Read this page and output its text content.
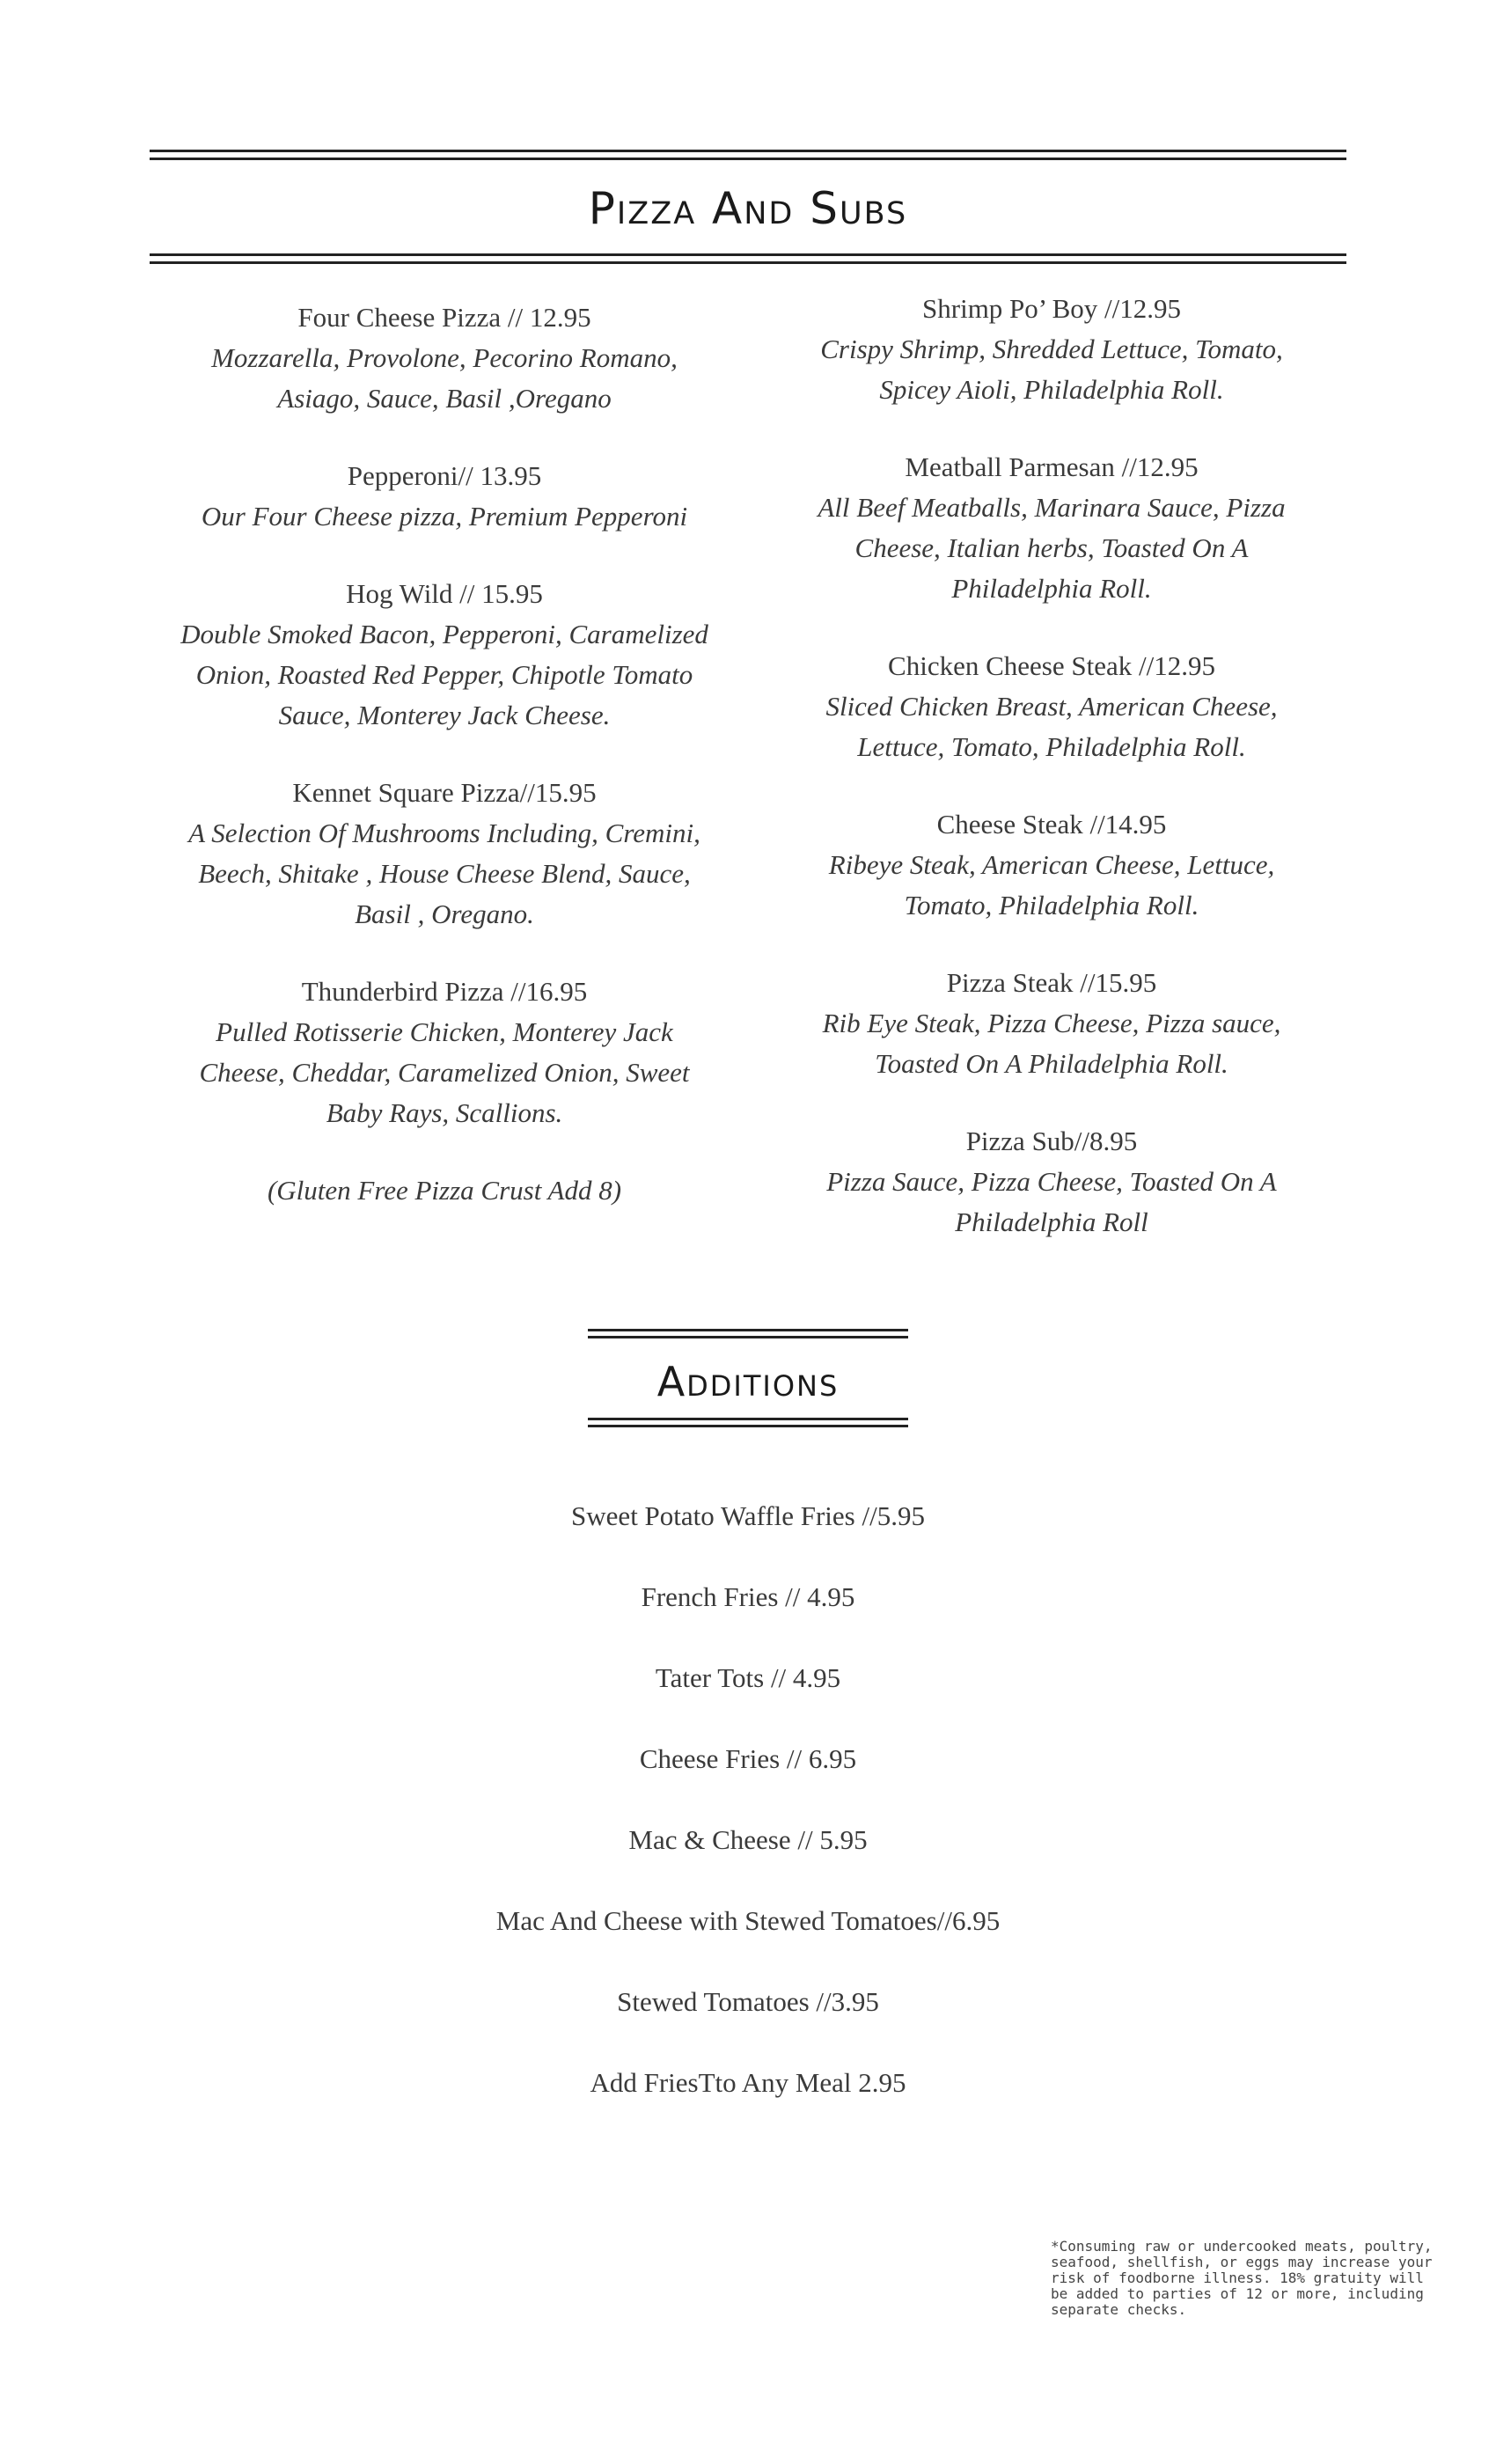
Pizza And Subs
Four Cheese Pizza // 12.95
Mozzarella, Provolone, Pecorino Romano, Asiago, Sauce, Basil ,Oregano
Pepperoni// 13.95
Our Four Cheese pizza, Premium Pepperoni
Hog Wild // 15.95
Double Smoked Bacon, Pepperoni, Caramelized Onion, Roasted Red Pepper, Chipotle Tomato Sauce, Monterey Jack Cheese.
Kennet Square Pizza//15.95
A Selection Of Mushrooms Including, Cremini, Beech, Shitake , House Cheese Blend, Sauce, Basil , Oregano.
Thunderbird Pizza //16.95
Pulled Rotisserie Chicken, Monterey Jack Cheese, Cheddar, Caramelized Onion, Sweet Baby Rays, Scallions.
(Gluten Free Pizza Crust Add 8)
Shrimp Po’ Boy //12.95
Crispy Shrimp, Shredded Lettuce, Tomato, Spicey Aioli, Philadelphia Roll.
Meatball Parmesan //12.95
All Beef Meatballs, Marinara Sauce, Pizza Cheese, Italian herbs, Toasted On A Philadelphia Roll.
Chicken Cheese Steak //12.95
Sliced Chicken Breast, American Cheese, Lettuce, Tomato, Philadelphia Roll.
Cheese Steak //14.95
Ribeye Steak, American Cheese, Lettuce, Tomato, Philadelphia Roll.
Pizza Steak //15.95
Rib Eye Steak, Pizza Cheese, Pizza sauce, Toasted On A Philadelphia Roll.
Pizza Sub//8.95
Pizza Sauce, Pizza Cheese, Toasted On A Philadelphia Roll
Additions
Sweet Potato Waffle Fries //5.95
French Fries // 4.95
Tater Tots // 4.95
Cheese Fries // 6.95
Mac & Cheese // 5.95
Mac And Cheese with Stewed Tomatoes//6.95
Stewed Tomatoes //3.95
Add FriesTto Any Meal 2.95
*Consuming raw or undercooked meats, poultry, seafood, shellfish, or eggs may increase your risk of foodborne illness. 18% gratuity will be added to parties of 12 or more, including separate checks.
